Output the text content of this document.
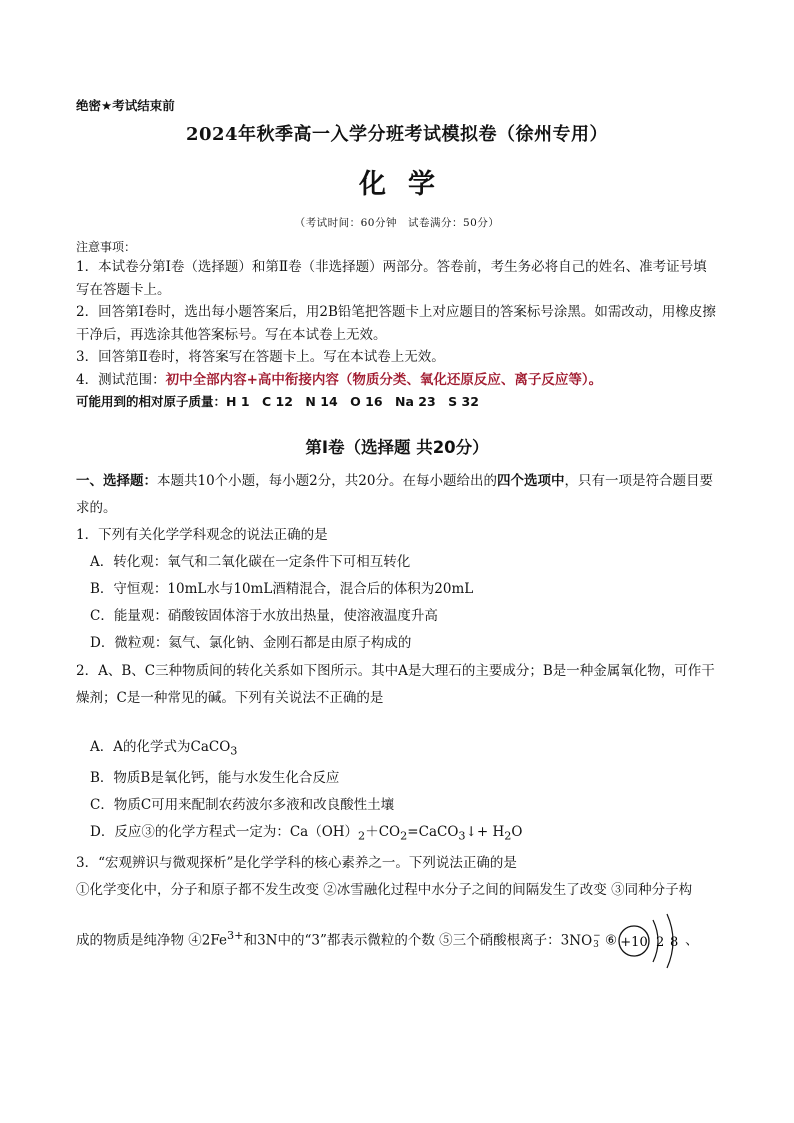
绝密★考试结束前

2024年秋季高一入学分班考试模拟卷（徐州专用）

化学

（考试时间：60分钟　试卷满分：50分）

注意事项：

1．本试卷分第Ⅰ卷（选择题）和第Ⅱ卷（非选择题）两部分。答卷前，考生务必将自己的姓名、准考证号填写在答题卡上。

2．回答第Ⅰ卷时，选出每小题答案后，用2B铅笔把答题卡上对应题目的答案标号涂黑。如需改动，用橡皮擦干净后，再选涂其他答案标号。写在本试卷上无效。

3．回答第Ⅱ卷时，将答案写在答题卡上。写在本试卷上无效。

4．测试范围：初中全部内容+高中衔接内容（物质分类、氧化还原反应、离子反应等）。

可能用到的相对原子质量：H 1　C 12　N 14　O 16　Na 23　S 32

第Ⅰ卷（选择题 共20分）

一、选择题：本题共10个小题，每小题2分，共20分。在每小题给出的四个选项中，只有一项是符合题目要求的。

1．下列有关化学学科观念的说法正确的是

A．转化观：氧气和二氧化碳在一定条件下可相互转化

B．守恒观：10mL水与10mL酒精混合，混合后的体积为20mL

C．能量观：硝酸铵固体溶于水放出热量，使溶液温度升高

D．微粒观：氦气、氯化钠、金刚石都是由原子构成的

2．A、B、C三种物质间的转化关系如下图所示。其中A是大理石的主要成分；B是一种金属氧化物，可作干燥剂；C是一种常见的碱。下列有关说法不正确的是

A．A的化学式为CaCO$_3$

B．物质B是氧化钙，能与水发生化合反应

C．物质C可用来配制农药波尔多液和改良酸性土壤

D．反应③的化学方程式一定为：$Ca(OH)_2+CO_2=CaCO_3↓+ H_2O$

3．“宏观辨识与微观探析”是化学学科的核心素养之一。下列说法正确的是

①化学变化中，分子和原子都不发生改变 ②冰雪融化过程中水分子之间的间隔发生了改变 ③同种分子构

成的物质是纯净物 $④2Fe^{3+}$和3N中的“3”都表示微粒的个数 ⑤三个硝酸根离子：3NO −
3 ⑥ +10 2 8 、
